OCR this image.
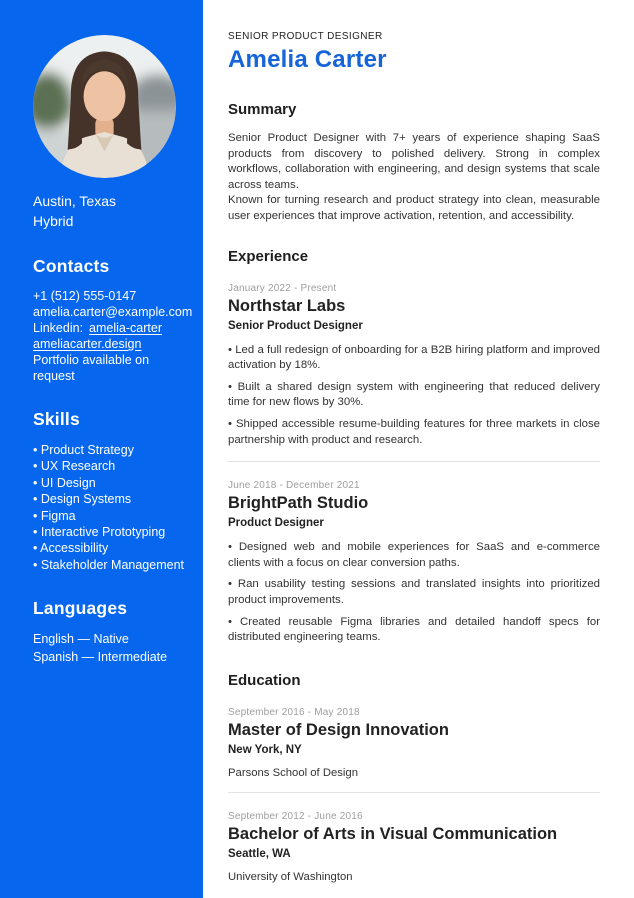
Austin, Texas
Hybrid
Contacts
+1 (512) 555-0147
amelia.carter@example.com
Linkedin: amelia-carter
ameliacarter.design
Portfolio available on request
Skills
• Product Strategy
• UX Research
• UI Design
• Design Systems
• Figma
• Interactive Prototyping
• Accessibility
• Stakeholder Management
Languages
English — Native
Spanish — Intermediate
SENIOR PRODUCT DESIGNER
Amelia Carter
Summary

Senior Product Designer with 7+ years of experience shaping SaaS products from discovery to polished delivery. Strong in complex workflows, collaboration with engineering, and design systems that scale across teams.

Known for turning research and product strategy into clean, measurable user experiences that improve activation, retention, and accessibility.

Experience
January 2022 - Present
Northstar Labs
Senior Product Designer

• Led a full redesign of onboarding for a B2B hiring platform and improved activation by 18%.

• Built a shared design system with engineering that reduced delivery time for new flows by 30%.

• Shipped accessible resume-building features for three markets in close partnership with product and research.

June 2018 - December 2021
BrightPath Studio
Product Designer

• Designed web and mobile experiences for SaaS and e-commerce clients with a focus on clear conversion paths.

• Ran usability testing sessions and translated insights into prioritized product improvements.

• Created reusable Figma libraries and detailed handoff specs for distributed engineering teams.

Education
September 2016 - May 2018
Master of Design Innovation
New York, NY
Parsons School of Design
September 2012 - June 2016
Bachelor of Arts in Visual Communication
Seattle, WA
University of Washington
